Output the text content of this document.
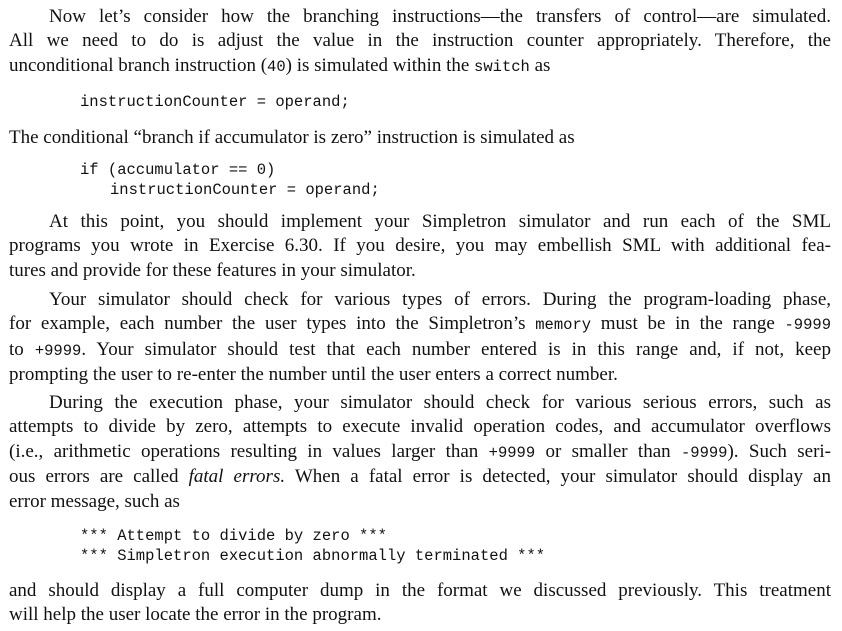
Now let’s consider how the branching instructions—the transfers of control—are simulated.
All we need to do is adjust the value in the instruction counter appropriately. Therefore, the
unconditional branch instruction (40) is simulated within the switch as
instructionCounter = operand;
The conditional “branch if accumulator is zero” instruction is simulated as
if (accumulator == 0)
instructionCounter = operand;
At this point, you should implement your Simpletron simulator and run each of the SML
programs you wrote in Exercise 6.30. If you desire, you may embellish SML with additional fea-
tures and provide for these features in your simulator.
Your simulator should check for various types of errors. During the program-loading phase,
for example, each number the user types into the Simpletron’s memory must be in the range -9999
to +9999. Your simulator should test that each number entered is in this range and, if not, keep
prompting the user to re-enter the number until the user enters a correct number.
During the execution phase, your simulator should check for various serious errors, such as
attempts to divide by zero, attempts to execute invalid operation codes, and accumulator overflows
(i.e., arithmetic operations resulting in values larger than +9999 or smaller than -9999). Such seri-
ous errors are called fatal errors. When a fatal error is detected, your simulator should display an
error message, such as
*** Attempt to divide by zero ***
*** Simpletron execution abnormally terminated ***
and should display a full computer dump in the format we discussed previously. This treatment
will help the user locate the error in the program.
